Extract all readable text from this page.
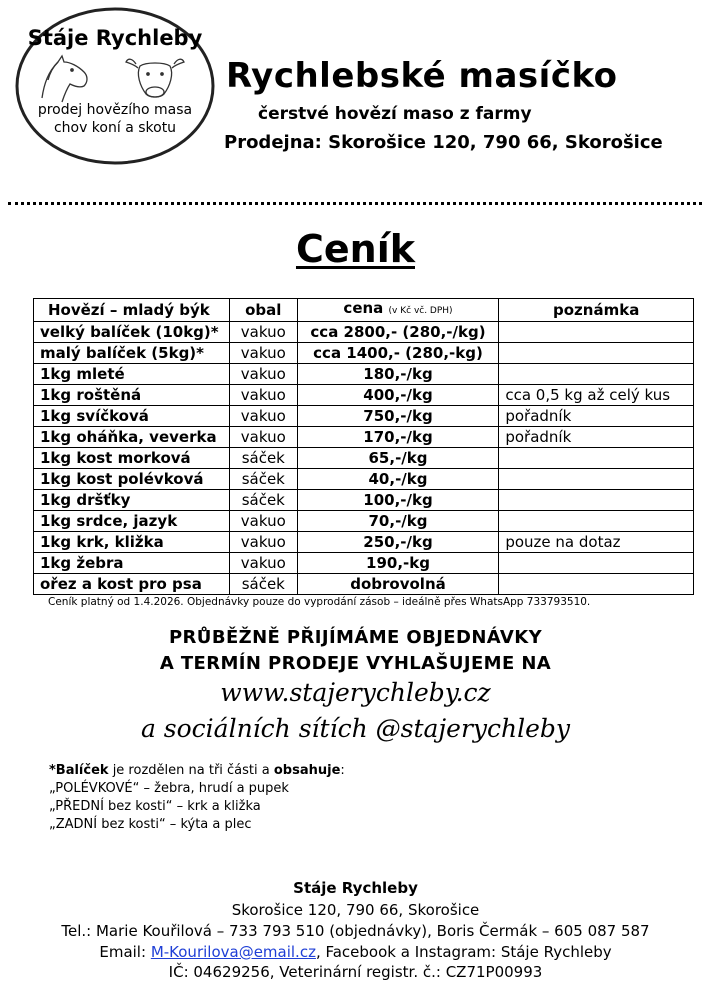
Stáje Rychleby
prodej hovězího masa
chov koní a skotu
Rychlebské masíčko
čerstvé hovězí maso z farmy
Prodejna: Skorošice 120, 790 66, Skorošice
Ceník
Hovězí – mladý býk	obal	cena (v Kč vč. DPH)	poznámka
velký balíček (10kg)*	vakuo	cca 2800,- (280,-/kg)	
malý balíček (5kg)*	vakuo	cca 1400,- (280,-kg)	
1kg mleté	vakuo	180,-/kg	
1kg roštěná	vakuo	400,-/kg	cca 0,5 kg až celý kus
1kg svíčková	vakuo	750,-/kg	pořadník
1kg oháňka, veverka	vakuo	170,-/kg	pořadník
1kg kost morková	sáček	65,-/kg	
1kg kost polévková	sáček	40,-/kg	
1kg dršťky	sáček	100,-/kg	
1kg srdce, jazyk	vakuo	70,-/kg	
1kg krk, kližka	vakuo	250,-/kg	pouze na dotaz
1kg žebra	vakuo	190,-kg	
ořez a kost pro psa	sáček	dobrovolná	
Ceník platný od 1.4.2026. Objednávky pouze do vyprodání zásob – ideálně přes WhatsApp 733793510.
PRŮBĚŽNĚ PŘIJÍMÁME OBJEDNÁVKY
A TERMÍN PRODEJE VYHLAŠUJEME NA
www.stajerychleby.cz
a sociálních sítích @stajerychleby
*Balíček je rozdělen na tři části a obsahuje:
„POLÉVKOVÉ“ – žebra, hrudí a pupek
„PŘEDNÍ bez kosti“ – krk a kližka
„ZADNÍ bez kosti“ – kýta a plec
Stáje Rychleby
Skorošice 120, 790 66, Skorošice
Tel.: Marie Kouřilová – 733 793 510 (objednávky), Boris Čermák – 605 087 587
Email: M-Kourilova@email.cz, Facebook a Instagram: Stáje Rychleby
IČ: 04629256, Veterinární registr. č.: CZ71P00993
